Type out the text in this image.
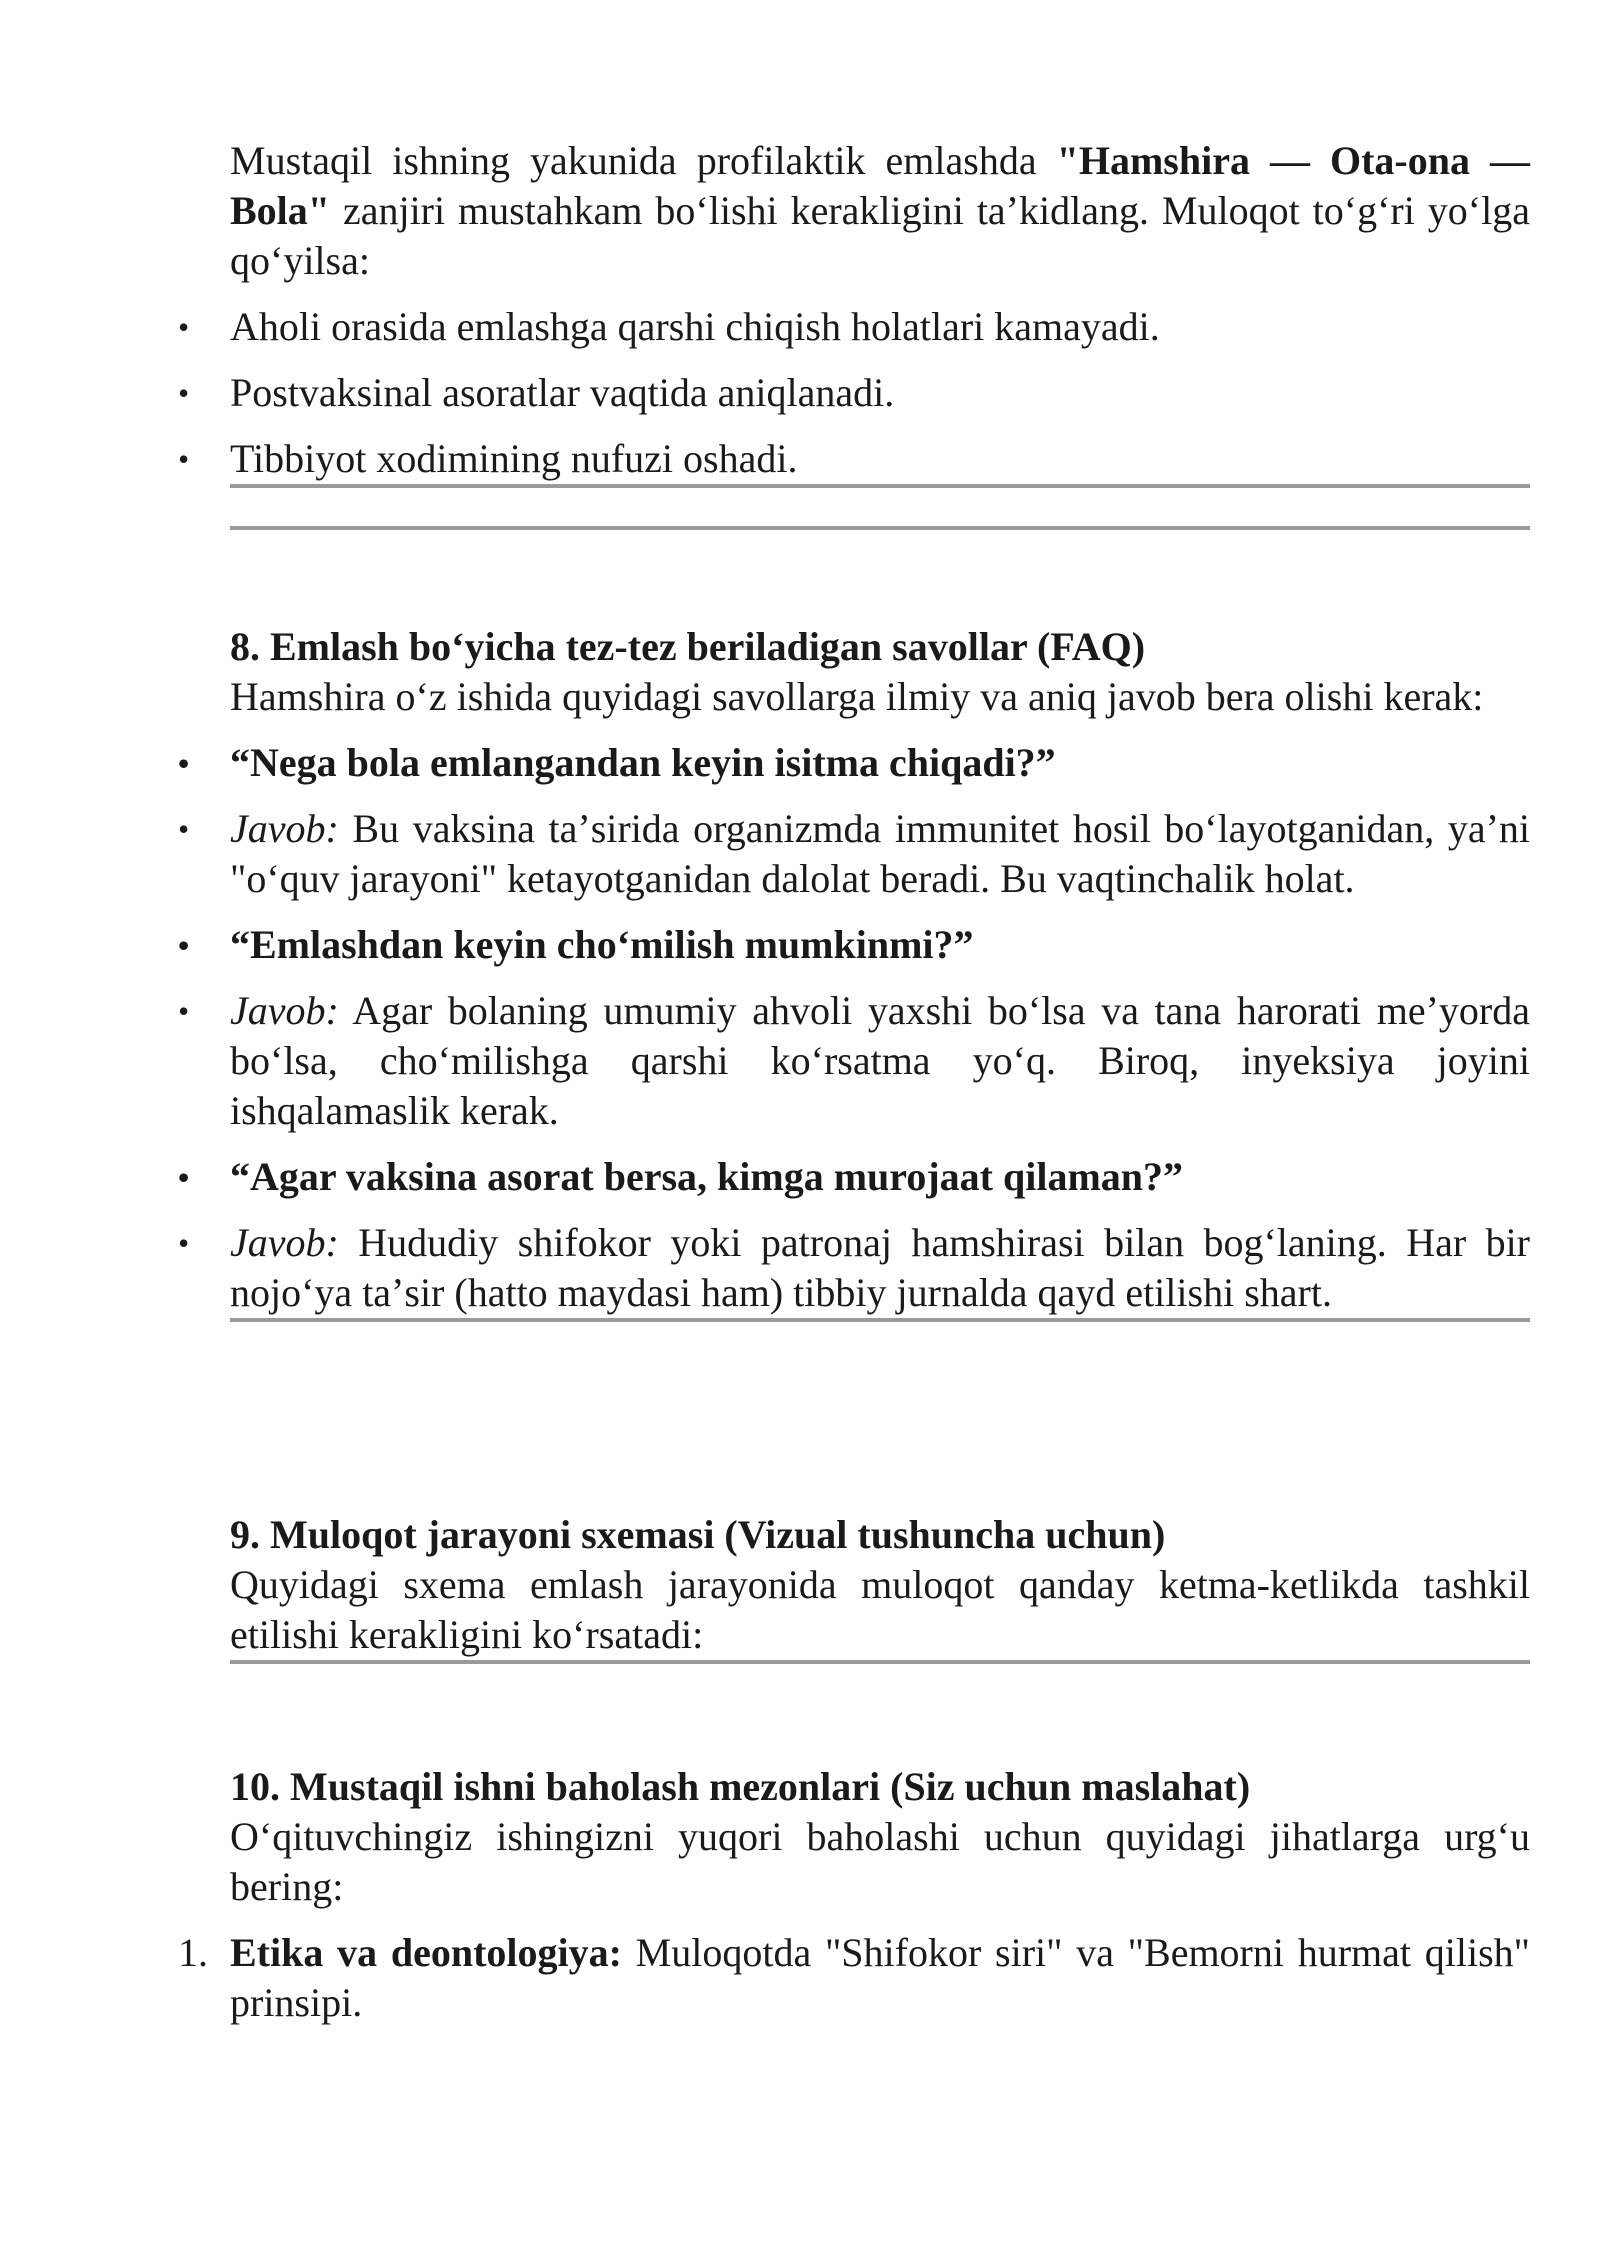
Mustaqil ishning yakunida profilaktik emlashda "Hamshira — Ota-ona — Bola" zanjiri mustahkam boʻlishi kerakligini taʼkidlang. Muloqot toʻgʻri yoʻlga qoʻyilsa:

• Aholi orasida emlashga qarshi chiqish holatlari kamayadi.
• Postvaksinal asoratlar vaqtida aniqlanadi.
• Tibbiyot xodimining nufuzi oshadi.
8. Emlash boʻyicha tez-tez beriladigan savollar (FAQ)

Hamshira oʻz ishida quyidagi savollarga ilmiy va aniq javob bera olishi kerak:

• “Nega bola emlangandan keyin isitma chiqadi?”
• Javob: Bu vaksina taʼsirida organizmda immunitet hosil boʻlayotganidan, yaʼni "oʻquv jarayoni" ketayotganidan dalolat beradi. Bu vaqtinchalik holat.
• “Emlashdan keyin choʻmilish mumkinmi?”
• Javob: Agar bolaning umumiy ahvoli yaxshi boʻlsa va tana harorati meʼyorda boʻlsa, choʻmilishga qarshi koʻrsatma yoʻq. Biroq, inyeksiya joyini ishqalamaslik kerak.
• “Agar vaksina asorat bersa, kimga murojaat qilaman?”
• Javob: Hududiy shifokor yoki patronaj hamshirasi bilan bogʻlaning. Har bir nojoʻya taʼsir (hatto maydasi ham) tibbiy jurnalda qayd etilishi shart.
9. Muloqot jarayoni sxemasi (Vizual tushuncha uchun)

Quyidagi sxema emlash jarayonida muloqot qanday ketma-ketlikda tashkil etilishi kerakligini koʻrsatadi:

10. Mustaqil ishni baholash mezonlari (Siz uchun maslahat)

Oʻqituvchingiz ishingizni yuqori baholashi uchun quyidagi jihatlarga urgʻu bering:

1. Etika va deontologiya: Muloqotda "Shifokor siri" va "Bemorni hurmat qilish" prinsipi.
